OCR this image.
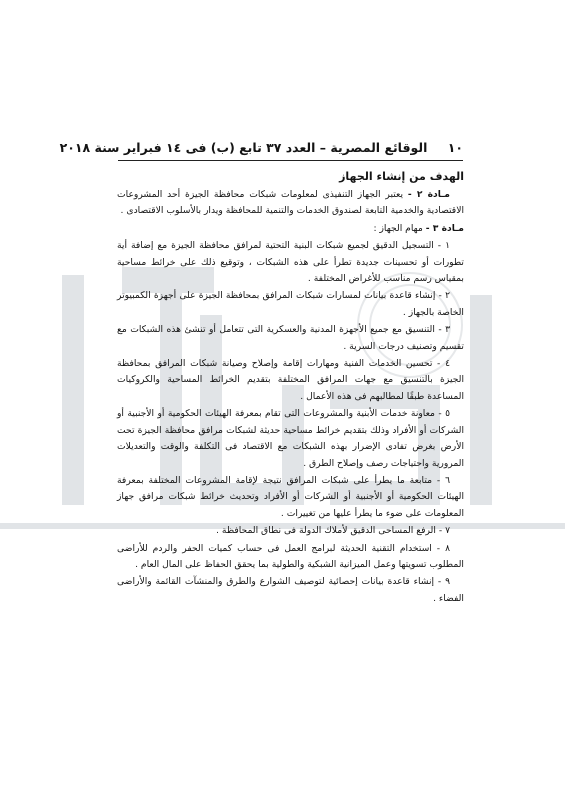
١٠ الوقائع المصرية – العدد ٣٧ تابع (ب) فى ١٤ فبراير سنة ٢٠١٨
الهدف من إنشاء الجهاز

مـادة ٢ - يعتبر الجهاز التنفيذى لمعلومات شبكات محافظة الجيزة أحد المشروعات الاقتصادية والخدمية التابعة لصندوق الخدمات والتنمية للمحافظة ويدار بالأسلوب الاقتصادى .

مـادة ٣ - مهام الجهاز :

١ - التسجيل الدقيق لجميع شبكات البنية التحتية لمرافق محافظة الجيزة مع إضافة أية تطورات أو تحسينات جديدة تطرأ على هذه الشبكات ، وتوقيع ذلك على خرائط مساحية بمقياس رسم مناسب للأغراض المختلفة .

٢ - إنشاء قاعدة بيانات لمسارات شبكات المرافق بمحافظة الجيزة على أجهزة الكمبيوتر الخاصة بالجهاز .

٣ - التنسيق مع جميع الأجهزة المدنية والعسكرية التى تتعامل أو تنشئ هذه الشبكات مع تقسيم وتصنيف درجات السرية .

٤ - تحسين الخدمات الفنية ومهارات إقامة وإصلاح وصيانة شبكات المرافق بمحافظة الجيزة بالتنسيق مع جهات المرافق المختلفة بتقديم الخرائط المساحية والكروكيات المساعدة طبقًا لمطالبهم فى هذه الأعمال .

٥ - معاونة خدمات الأبنية والمشروعات التى تقام بمعرفة الهيئات الحكومية أو الأجنبية أو الشركات أو الأفراد وذلك بتقديم خرائط مساحية حديثة لشبكات مرافق محافظة الجيزة تحت الأرض بغرض تفادى الإضرار بهذه الشبكات مع الاقتصاد فى التكلفة والوقت والتعديلات المرورية واحتياجات رصف وإصلاح الطرق .

٦ - متابعة ما يطرأ على شبكات المرافق نتيجة لإقامة المشروعات المختلفة بمعرفة الهيئات الحكومية أو الأجنبية أو الشركات أو الأفراد وتحديث خرائط شبكات مرافق جهاز المعلومات على ضوء ما يطرأ عليها من تغييرات .

٧ - الرفع المساحى الدقيق لأملاك الدولة فى نطاق المحافظة .

٨ - استخدام التقنية الحديثة لبرامج العمل فى حساب كميات الحفر والردم للأراضى المطلوب تسويتها وعمل الميزانية الشبكية والطولية بما يحقق الحفاظ على المال العام .

٩ - إنشاء قاعدة بيانات إحصائية لتوصيف الشوارع والطرق والمنشآت القائمة والأراضى الفضاء .
